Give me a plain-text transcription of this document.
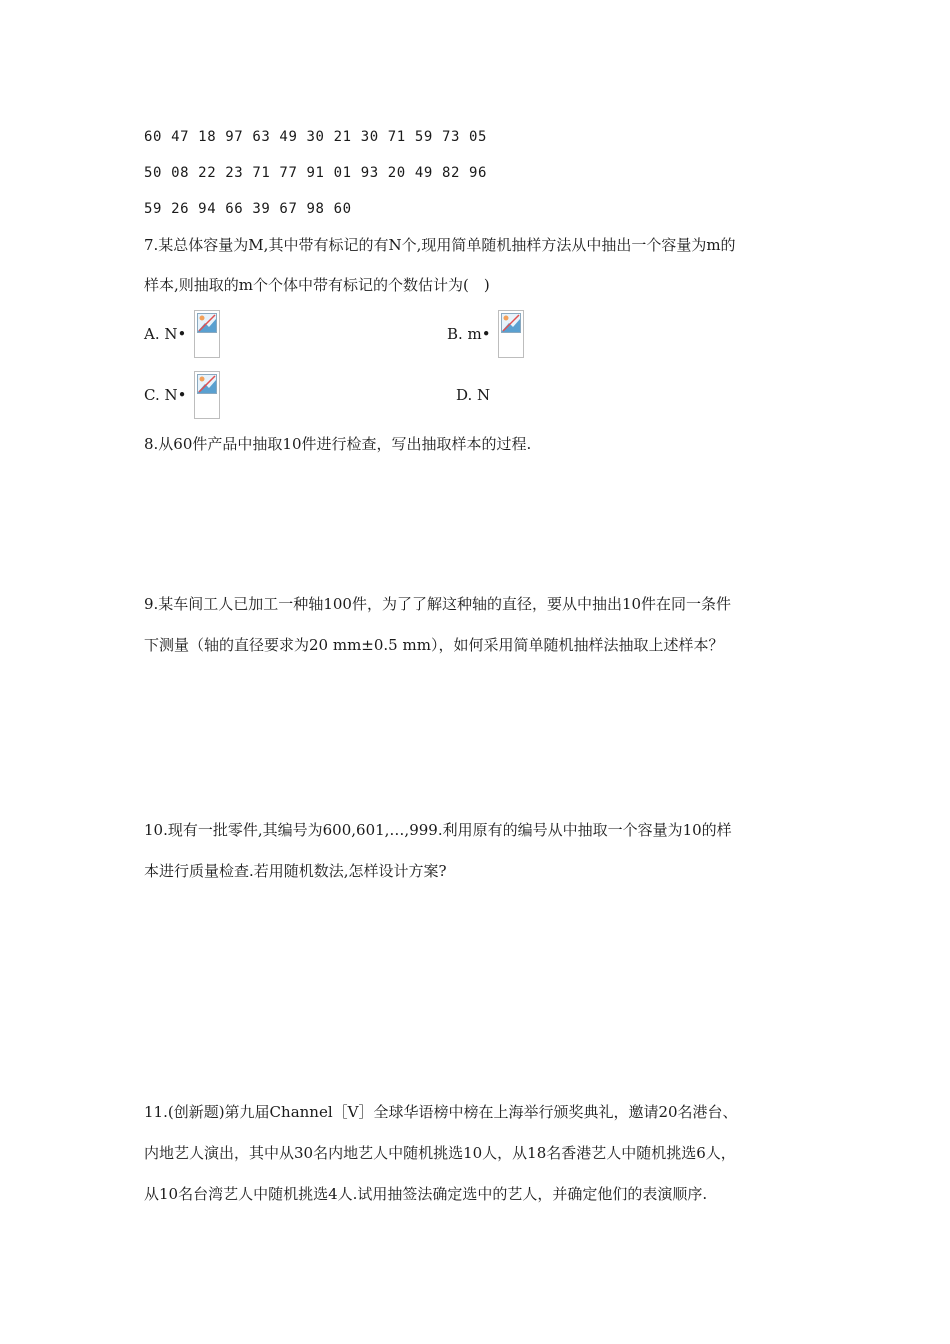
60 47 18 97 63 49 30 21 30 71 59 73 05
50 08 22 23 71 77 91 01 93 20 49 82 96
59 26 94 66 39 67 98 60
7.某总体容量为M,其中带有标记的有N个,现用简单随机抽样方法从中抽出一个容量为m的
样本,则抽取的m个个体中带有标记的个数估计为(　)
A. N•	B. m•
C. N•	D. N
8.从60件产品中抽取10件进行检查，写出抽取样本的过程.
9.某车间工人已加工一种轴100件，为了了解这种轴的直径，要从中抽出10件在同一条件
下测量（轴的直径要求为20 mm±0.5 mm），如何采用简单随机抽样法抽取上述样本？
10.现有一批零件,其编号为600,601,…,999.利用原有的编号从中抽取一个容量为10的样
本进行质量检查.若用随机数法,怎样设计方案?
11.(创新题)第九届Channel［V］全球华语榜中榜在上海举行颁奖典礼，邀请20名港台、
内地艺人演出，其中从30名内地艺人中随机挑选10人，从18名香港艺人中随机挑选6人，
从10名台湾艺人中随机挑选4人.试用抽签法确定选中的艺人，并确定他们的表演顺序.
